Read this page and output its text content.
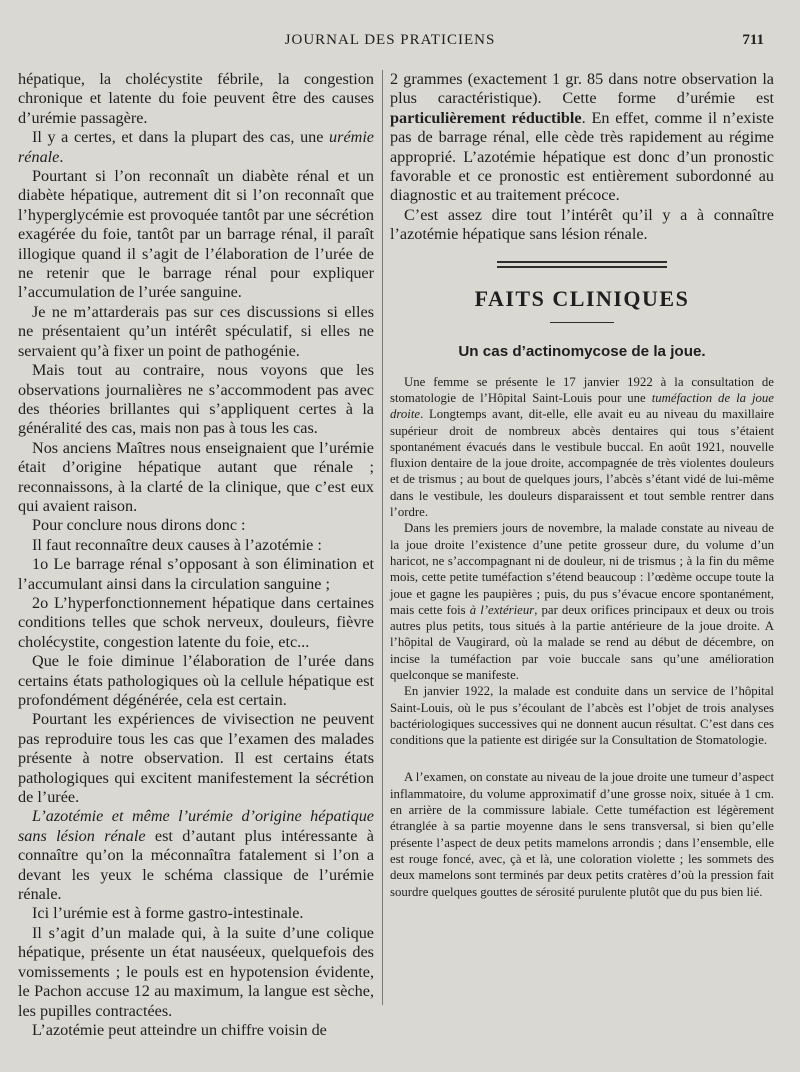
JOURNAL DES PRATICIENS	711

hépatique, la cholécystite fébrile, la congestion chronique et latente du foie peuvent être des causes d’urémie passagère.

Il y a certes, et dans la plupart des cas, une urémie rénale.

Pourtant si l’on reconnaît un diabète rénal et un diabète hépatique, autrement dit si l’on reconnaît que l’hyperglycémie est provoquée tantôt par une sécrétion exagérée du foie, tantôt par un barrage rénal, il paraît illogique quand il s’agit de l’élaboration de l’urée de ne retenir que le barrage rénal pour expliquer l’accumulation de l’urée sanguine.

Je ne m’attarderais pas sur ces discussions si elles ne présentaient qu’un intérêt spéculatif, si elles ne servaient qu’à fixer un point de pathogénie.

Mais tout au contraire, nous voyons que les observations journalières ne s’accommodent pas avec des théories brillantes qui s’appliquent certes à la généralité des cas, mais non pas à tous les cas.

Nos anciens Maîtres nous enseignaient que l’urémie était d’origine hépatique autant que rénale ; reconnaissons, à la clarté de la clinique, que c’est eux qui avaient raison.

Pour conclure nous dirons donc :

Il faut reconnaître deux causes à l’azotémie :

1o Le barrage rénal s’opposant à son élimination et l’accumulant ainsi dans la circulation sanguine ;

2o L’hyperfonctionnement hépatique dans certaines conditions telles que schok nerveux, douleurs, fièvre cholécystite, congestion latente du foie, etc...

Que le foie diminue l’élaboration de l’urée dans certains états pathologiques où la cellule hépatique est profondément dégénérée, cela est certain.

Pourtant les expériences de vivisection ne peuvent pas reproduire tous les cas que l’examen des malades présente à notre observation. Il est certains états pathologiques qui excitent manifestement la sécrétion de l’urée.

L’azotémie et même l’urémie d’origine hépatique sans lésion rénale est d’autant plus intéressante à connaître qu’on la méconnaîtra fatalement si l’on a devant les yeux le schéma classique de l’urémie rénale.

Ici l’urémie est à forme gastro-intestinale.

Il s’agit d’un malade qui, à la suite d’une colique hépatique, présente un état nauséeux, quelquefois des vomissements ; le pouls est en hypotension évidente, le Pachon accuse 12 au maximum, la langue est sèche, les pupilles contractées.

L’azotémie peut atteindre un chiffre voisin de

2 grammes (exactement 1 gr. 85 dans notre observation la plus caractéristique). Cette forme d’urémie est particulièrement réductible. En effet, comme il n’existe pas de barrage rénal, elle cède très rapidement au régime approprié. L’azotémie hépatique est donc d’un pronostic favorable et ce pronostic est entièrement subordonné au diagnostic et au traitement précoce.

C’est assez dire tout l’intérêt qu’il y a à connaître l’azotémie hépatique sans lésion rénale.

FAITS CLINIQUES
Un cas d’actinomycose de la joue.

Une femme se présente le 17 janvier 1922 à la consultation de stomatologie de l’Hôpital Saint-Louis pour une tuméfaction de la joue droite. Longtemps avant, dit-elle, elle avait eu au niveau du maxillaire supérieur droit de nombreux abcès dentaires qui tous s’étaient spontanément évacués dans le vestibule buccal. En août 1921, nouvelle fluxion dentaire de la joue droite, accompagnée de très violentes douleurs et de trismus ; au bout de quelques jours, l’abcès s’étant vidé de lui-même dans le vestibule, les douleurs disparaissent et tout semble rentrer dans l’ordre.

Dans les premiers jours de novembre, la malade constate au niveau de la joue droite l’existence d’une petite grosseur dure, du volume d’un haricot, ne s’accompagnant ni de douleur, ni de trismus ; à la fin du même mois, cette petite tuméfaction s’étend beaucoup : l’œdème occupe toute la joue et gagne les paupières ; puis, du pus s’évacue encore spontanément, mais cette fois à l’extérieur, par deux orifices principaux et deux ou trois autres plus petits, tous situés à la partie antérieure de la joue droite. A l’hôpital de Vaugirard, où la malade se rend au début de décembre, on incise la tuméfaction par voie buccale sans qu’une amélioration quelconque se manifeste.

En janvier 1922, la malade est conduite dans un service de l’hôpital Saint-Louis, où le pus s’écoulant de l’abcès est l’objet de trois analyses bactériologiques successives qui ne donnent aucun résultat. C’est dans ces conditions que la patiente est dirigée sur la Consultation de Stomatologie.

A l’examen, on constate au niveau de la joue droite une tumeur d’aspect inflammatoire, du volume approximatif d’une grosse noix, située à 1 cm. en arrière de la commissure labiale. Cette tuméfaction est légèrement étranglée à sa partie moyenne dans le sens transversal, si bien qu’elle présente l’aspect de deux petits mamelons arrondis ; dans l’ensemble, elle est rouge foncé, avec, çà et là, une coloration violette ; les sommets des deux mamelons sont terminés par deux petits cratères d’où la pression fait sourdre quelques gouttes de sérosité purulente plutôt que du pus bien lié.
